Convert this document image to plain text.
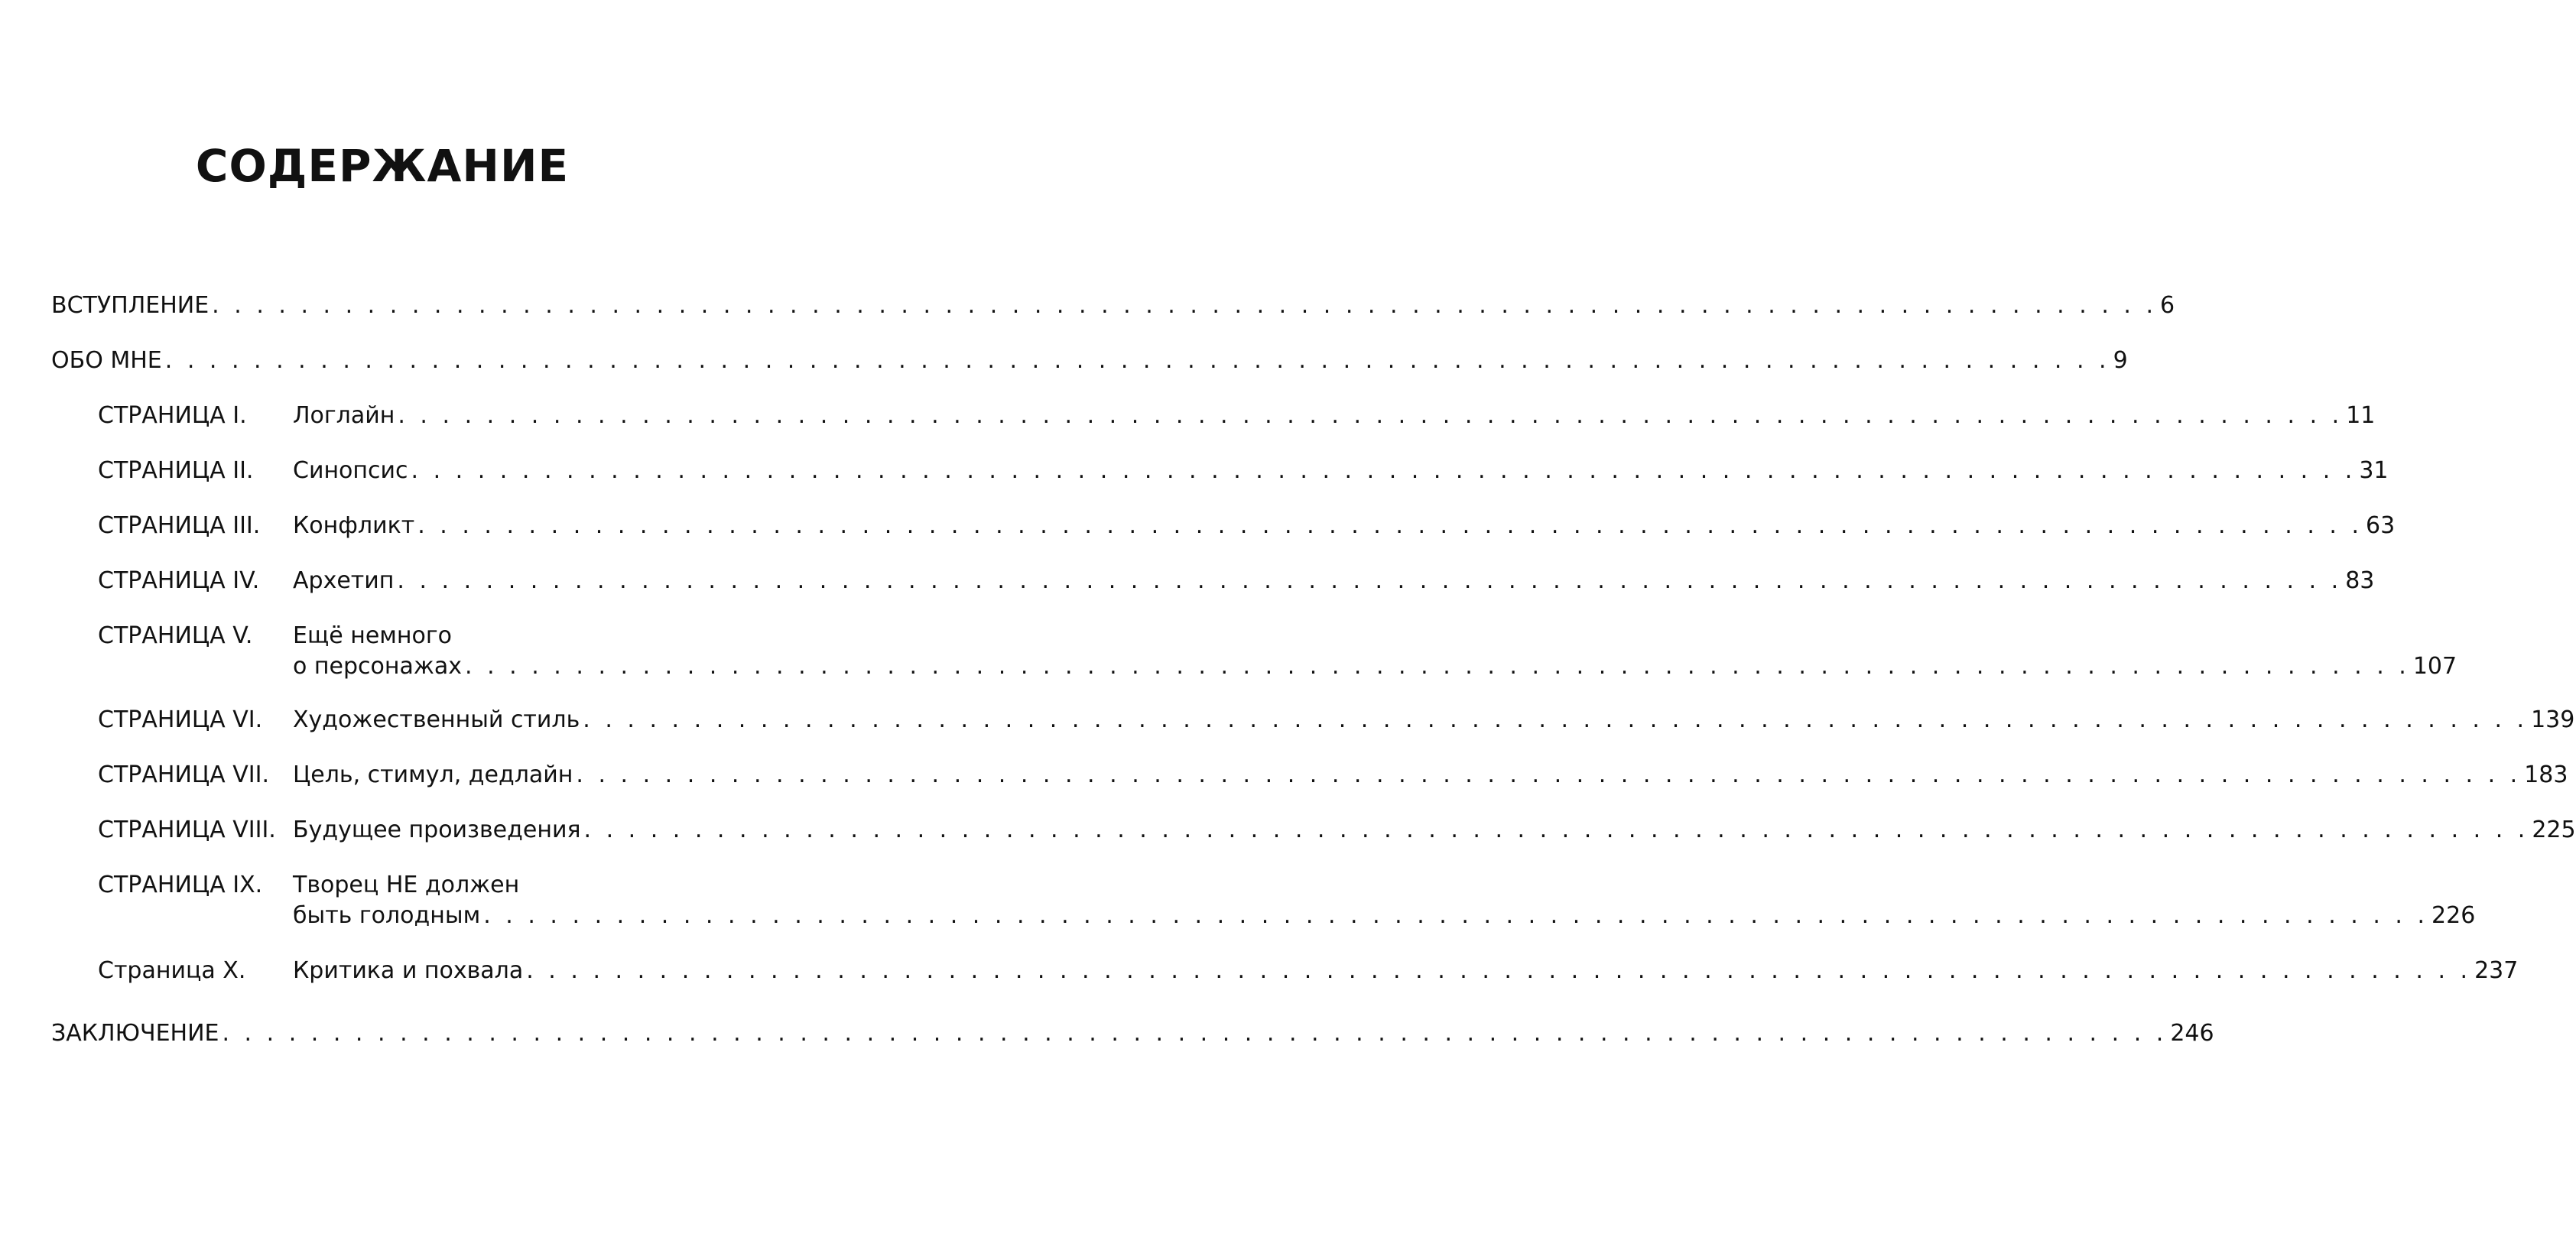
СОДЕРЖАНИЕ
ВСТУПЛЕНИЕ . . .	6
ОБО МНЕ . . .	9
СТРАНИЦА I.	Логлайн . . .	11
СТРАНИЦА II.	Синопсис . . .	31
СТРАНИЦА III.	Конфликт . . .	63
СТРАНИЦА IV.	Архетип . . .	83
СТРАНИЦА V.	Ещё немного
о персонажах . . .	107
СТРАНИЦА VI.	Художественный стиль . . .	139
СТРАНИЦА VII.	Цель, стимул, дедлайн . . .	183
СТРАНИЦА VIII. Будущее произведения . . .	225
СТРАНИЦА IX.	Творец НЕ должен
быть голодным . . .	226
Страница X.	Критика и похвала . . .	237
ЗАКЛЮЧЕНИЕ . . .	246
